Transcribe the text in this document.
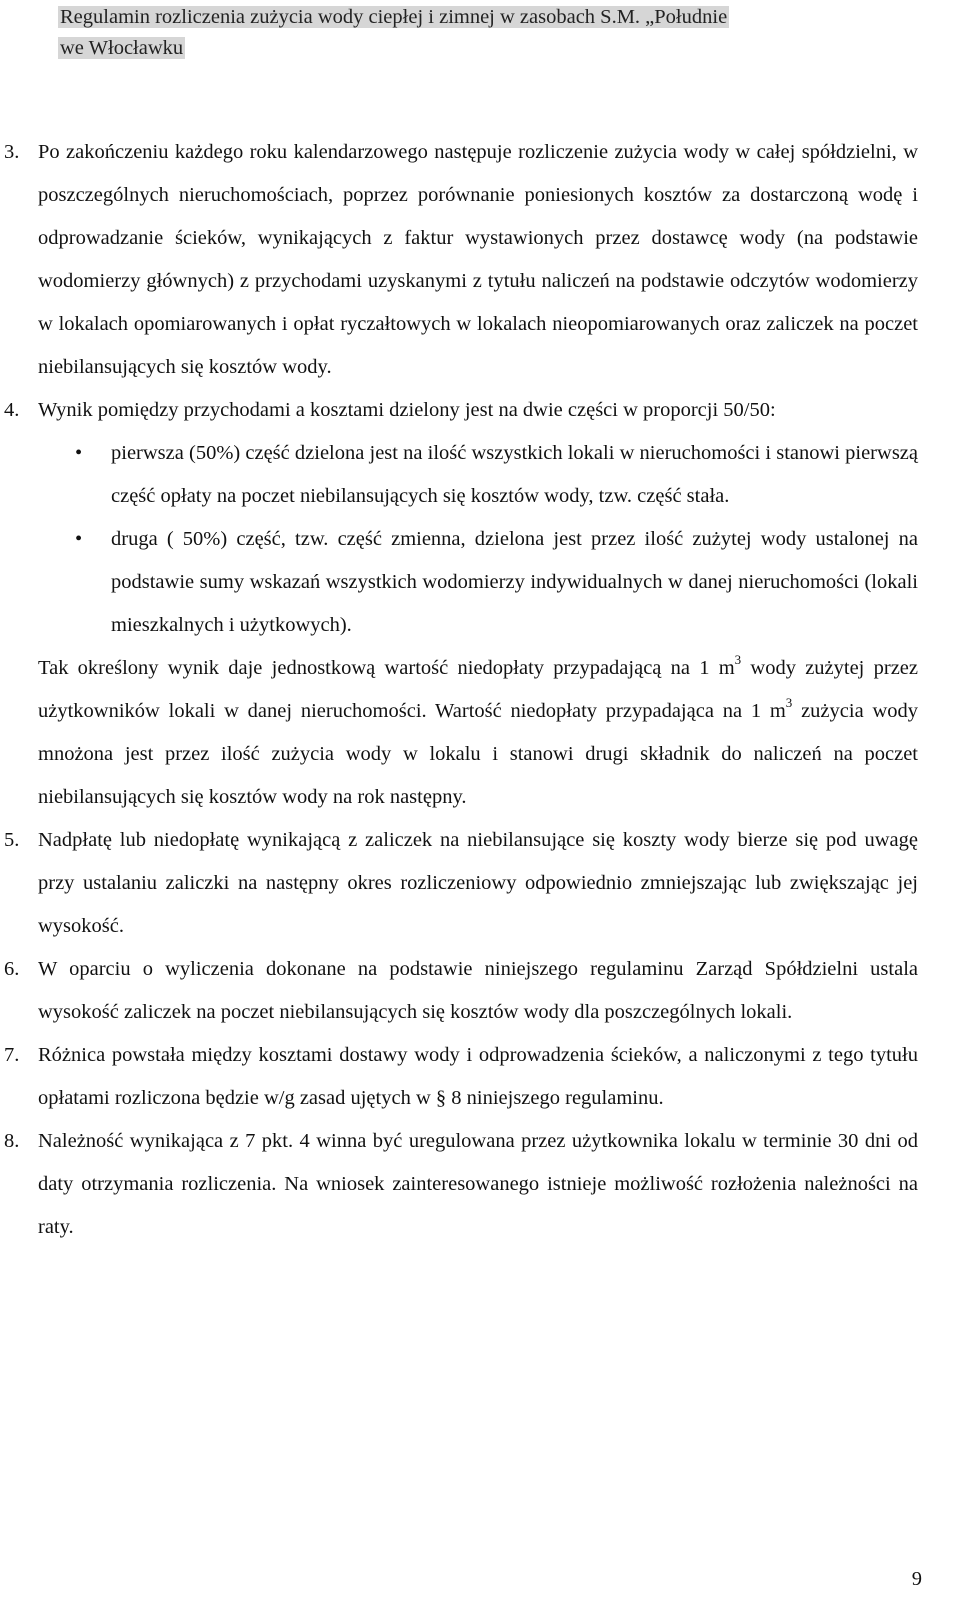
Regulamin rozliczenia zużycia wody ciepłej i zimnej w zasobach S.M. „Południe
we Włocławku
3. Po zakończeniu każdego roku kalendarzowego następuje rozliczenie zużycia wody w całej spółdzielni, w poszczególnych nieruchomościach, poprzez porównanie poniesionych kosztów za dostarczoną wodę i odprowadzanie ścieków, wynikających z faktur wystawionych przez dostawcę wody (na podstawie wodomierzy głównych) z przychodami uzyskanymi z tytułu naliczeń na podstawie odczytów wodomierzy w lokalach opomiarowanych i opłat ryczałtowych w lokalach nieopomiarowanych oraz zaliczek na poczet niebilansujących się kosztów wody.
4. Wynik pomiędzy przychodami a kosztami dzielony jest na dwie części w proporcji 50/50:
• pierwsza (50%) część dzielona jest na ilość wszystkich lokali w nieruchomości i stanowi pierwszą część opłaty na poczet niebilansujących się kosztów wody, tzw. część stała.
• druga ( 50%) część, tzw. część zmienna, dzielona jest przez ilość zużytej wody ustalonej na podstawie sumy wskazań wszystkich wodomierzy indywidualnych w danej nieruchomości (lokali mieszkalnych i użytkowych).
Tak określony wynik daje jednostkową wartość niedopłaty przypadającą na 1 $m^3$ wody zużytej przez użytkowników lokali w danej nieruchomości. Wartość niedopłaty przypadająca na 1 $m^3$ zużycia wody mnożona jest przez ilość zużycia wody w lokalu i stanowi drugi składnik do naliczeń na poczet niebilansujących się kosztów wody na rok następny.
5. Nadpłatę lub niedopłatę wynikającą z zaliczek na niebilansujące się koszty wody bierze się pod uwagę przy ustalaniu zaliczki na następny okres rozliczeniowy odpowiednio zmniejszając lub zwiększając jej wysokość.
6. W oparciu o wyliczenia dokonane na podstawie niniejszego regulaminu Zarząd Spółdzielni ustala wysokość zaliczek na poczet niebilansujących się kosztów wody dla poszczególnych lokali.
7. Różnica powstała między kosztami dostawy wody i odprowadzenia ścieków, a naliczonymi z tego tytułu opłatami rozliczona będzie w/g zasad ujętych w § 8 niniejszego regulaminu.
8. Należność wynikająca z 7 pkt. 4 winna być uregulowana przez użytkownika lokalu w terminie 30 dni od daty otrzymania rozliczenia. Na wniosek zainteresowanego istnieje możliwość rozłożenia należności na raty.
9
